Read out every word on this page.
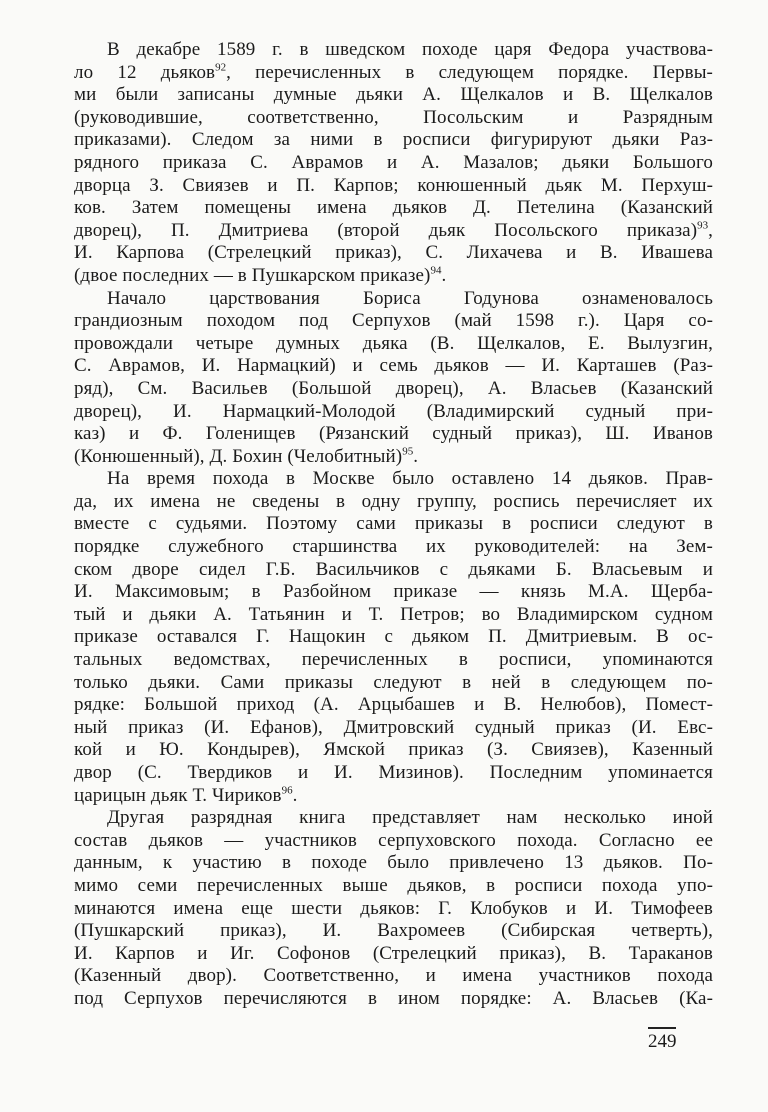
В декабре 1589 г. в шведском походе царя Федора участвова-
ло 12 дьяков$^{92}$, перечисленных в следующем порядке. Первы-
ми были записаны думные дьяки А. Щелкалов и В. Щелкалов
(руководившие, соответственно, Посольским и Разрядным
приказами). Следом за ними в росписи фигурируют дьяки Раз-
рядного приказа С. Аврамов и А. Мазалов; дьяки Большого
дворца З. Свиязев и П. Карпов; конюшенный дьяк М. Перхуш-
ков. Затем помещены имена дьяков Д. Петелина (Казанский
дворец), П. Дмитриева (второй дьяк Посольского приказа)$^{93}$,
И. Карпова (Стрелецкий приказ), С. Лихачева и В. Ивашева
(двое последних — в Пушкарском приказе)$^{94}$.
Начало царствования Бориса Годунова ознаменовалось
грандиозным походом под Серпухов (май 1598 г.). Царя со-
провождали четыре думных дьяка (В. Щелкалов, Е. Вылузгин,
С. Аврамов, И. Нармацкий) и семь дьяков — И. Карташев (Раз-
ряд), См. Васильев (Большой дворец), А. Власьев (Казанский
дворец), И. Нармацкий-Молодой (Владимирский судный при-
каз) и Ф. Голенищев (Рязанский судный приказ), Ш. Иванов
(Конюшенный), Д. Бохин (Челобитный)$^{95}$.
На время похода в Москве было оставлено 14 дьяков. Прав-
да, их имена не сведены в одну группу, роспись перечисляет их
вместе с судьями. Поэтому сами приказы в росписи следуют в
порядке служебного старшинства их руководителей: на Зем-
ском дворе сидел Г.Б. Васильчиков с дьяками Б. Власьевым и
И. Максимовым; в Разбойном приказе — князь М.А. Щерба-
тый и дьяки А. Татьянин и Т. Петров; во Владимирском судном
приказе оставался Г. Нащокин с дьяком П. Дмитриевым. В ос-
тальных ведомствах, перечисленных в росписи, упоминаются
только дьяки. Сами приказы следуют в ней в следующем по-
рядке: Большой приход (А. Арцыбашев и В. Нелюбов), Помест-
ный приказ (И. Ефанов), Дмитровский судный приказ (И. Евс-
кой и Ю. Кондырев), Ямской приказ (З. Свиязев), Казенный
двор (С. Твердиков и И. Мизинов). Последним упоминается
царицын дьяк Т. Чириков$^{96}$.
Другая разрядная книга представляет нам несколько иной
состав дьяков — участников серпуховского похода. Согласно ее
данным, к участию в походе было привлечено 13 дьяков. По-
мимо семи перечисленных выше дьяков, в росписи похода упо-
минаются имена еще шести дьяков: Г. Клобуков и И. Тимофеев
(Пушкарский приказ), И. Вахромеев (Сибирская четверть),
И. Карпов и Иг. Софонов (Стрелецкий приказ), В. Тараканов
(Казенный двор). Соответственно, и имена участников похода
под Серпухов перечисляются в ином порядке: А. Власьев (Ка-
249
